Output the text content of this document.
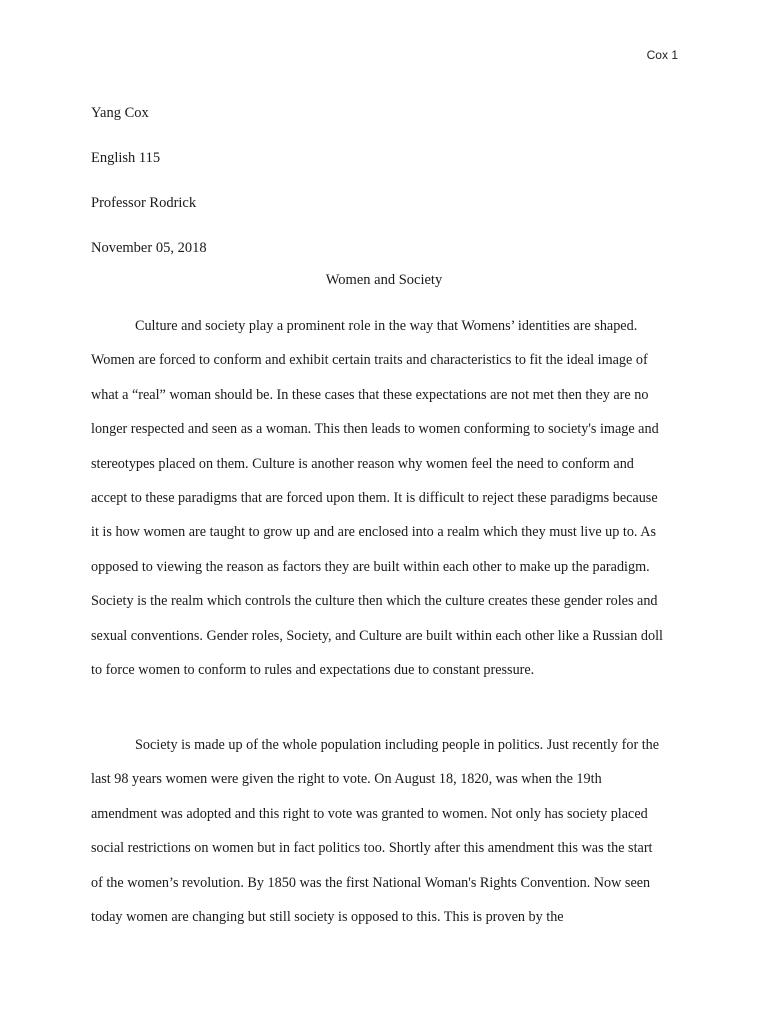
Cox 1
Yang Cox
English 115
Professor Rodrick
November 05, 2018
Women and Society

Culture and society play a prominent role in the way that Womens’ identities are shaped. Women are forced to conform and exhibit certain traits and characteristics to fit the ideal image of what a “real” woman should be. In these cases that these expectations are not met then they are no longer respected and seen as a woman. This then leads to women conforming to society's image and stereotypes placed on them. Culture is another reason why women feel the need to conform and accept to these paradigms that are forced upon them. It is difficult to reject these paradigms because it is how women are taught to grow up and are enclosed into a realm which they must live up to. As opposed to viewing the reason as factors they are built within each other to make up the paradigm. Society is the realm which controls the culture then which the culture creates these gender roles and sexual conventions. Gender roles, Society, and Culture are built within each other like a Russian doll to force women to conform to rules and expectations due to constant pressure.

Society is made up of the whole population including people in politics. Just recently for the last 98 years women were given the right to vote. On August 18, 1820, was when the 19th amendment was adopted and this right to vote was granted to women. Not only has society placed social restrictions on women but in fact politics too. Shortly after this amendment this was the start of the women’s revolution. By 1850 was the first National Woman's Rights Convention. Now seen today women are changing but still society is opposed to this. This is proven by the
